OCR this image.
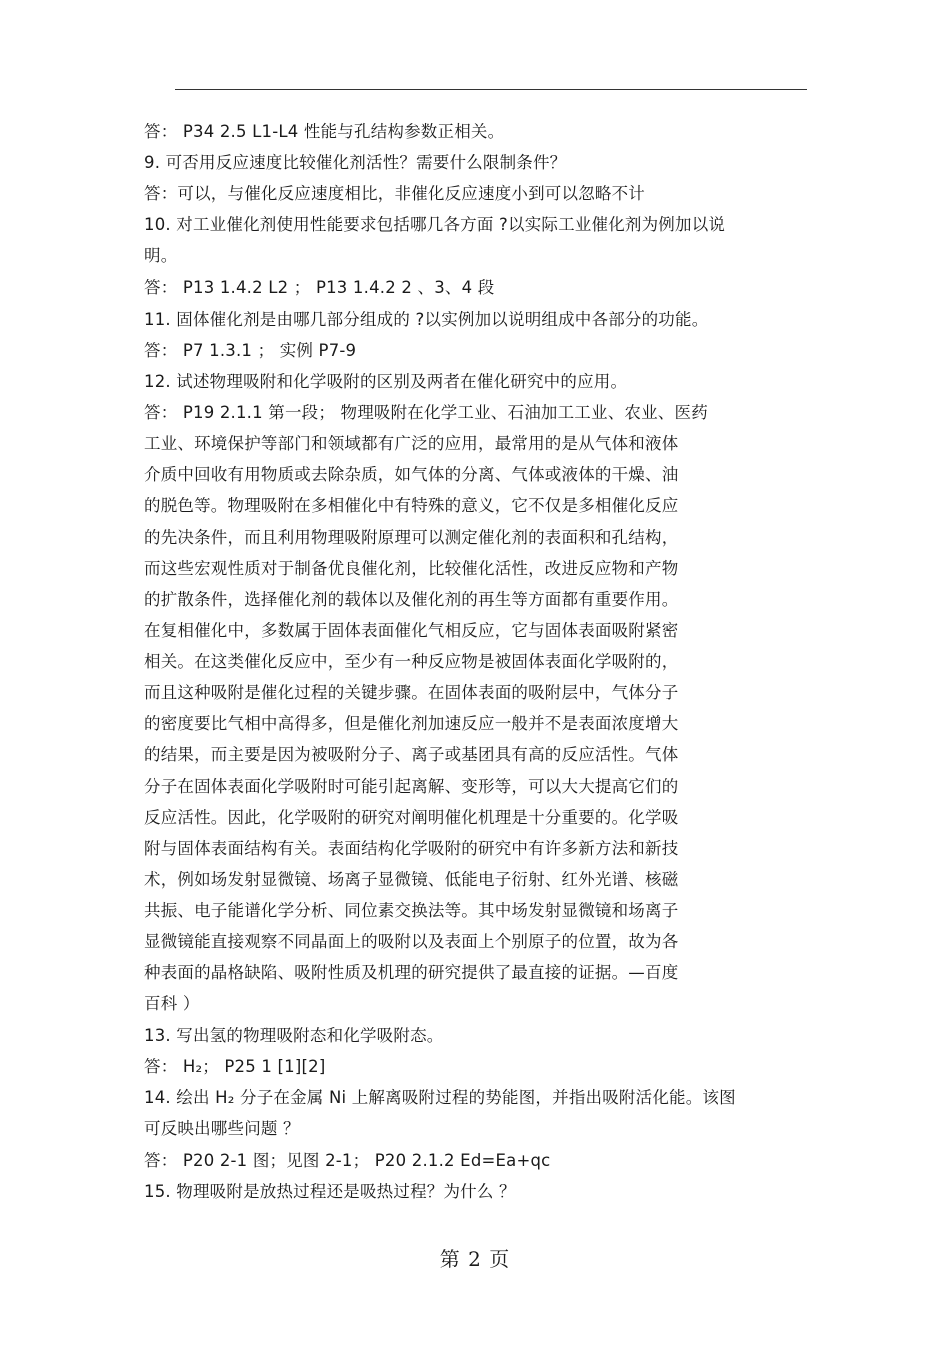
答： P34 2.5 L1-L4 性能与孔结构参数正相关。
9. 可否用反应速度比较催化剂活性？需要什么限制条件？
答：可以，与催化反应速度相比，非催化反应速度小到可以忽略不计
10. 对工业催化剂使用性能要求包括哪几各方面 ?以实际工业催化剂为例加以说
明。
答： P13 1.4.2 L2 ； P13 1.4.2 2 、3、4 段
11. 固体催化剂是由哪几部分组成的 ?以实例加以说明组成中各部分的功能。
答： P7 1.3.1 ； 实例 P7-9
12. 试述物理吸附和化学吸附的区别及两者在催化研究中的应用。
答： P19 2.1.1 第一段； 物理吸附在化学工业、石油加工工业、农业、医药
工业、环境保护等部门和领域都有广泛的应用，最常用的是从气体和液体
介质中回收有用物质或去除杂质，如气体的分离、气体或液体的干燥、油
的脱色等。物理吸附在多相催化中有特殊的意义，它不仅是多相催化反应
的先决条件，而且利用物理吸附原理可以测定催化剂的表面积和孔结构，
而这些宏观性质对于制备优良催化剂，比较催化活性，改进反应物和产物
的扩散条件，选择催化剂的载体以及催化剂的再生等方面都有重要作用。
在复相催化中，多数属于固体表面催化气相反应，它与固体表面吸附紧密
相关。在这类催化反应中，至少有一种反应物是被固体表面化学吸附的，
而且这种吸附是催化过程的关键步骤。在固体表面的吸附层中，气体分子
的密度要比气相中高得多，但是催化剂加速反应一般并不是表面浓度增大
的结果，而主要是因为被吸附分子、离子或基团具有高的反应活性。气体
分子在固体表面化学吸附时可能引起离解、变形等，可以大大提高它们的
反应活性。因此，化学吸附的研究对阐明催化机理是十分重要的。化学吸
附与固体表面结构有关。表面结构化学吸附的研究中有许多新方法和新技
术，例如场发射显微镜、场离子显微镜、低能电子衍射、红外光谱、核磁
共振、电子能谱化学分析、同位素交换法等。其中场发射显微镜和场离子
显微镜能直接观察不同晶面上的吸附以及表面上个别原子的位置，故为各
种表面的晶格缺陷、吸附性质及机理的研究提供了最直接的证据。—百度
百科 ）
13. 写出氢的物理吸附态和化学吸附态。
答： H₂； P25 1 [1][2]
14. 绘出 H₂ 分子在金属 Ni 上解离吸附过程的势能图，并指出吸附活化能。该图
可反映出哪些问题 ？
答： P20 2-1 图；见图 2-1； P20 2.1.2 Ed=Ea+qc
15. 物理吸附是放热过程还是吸热过程？为什么 ？
第 2 页
